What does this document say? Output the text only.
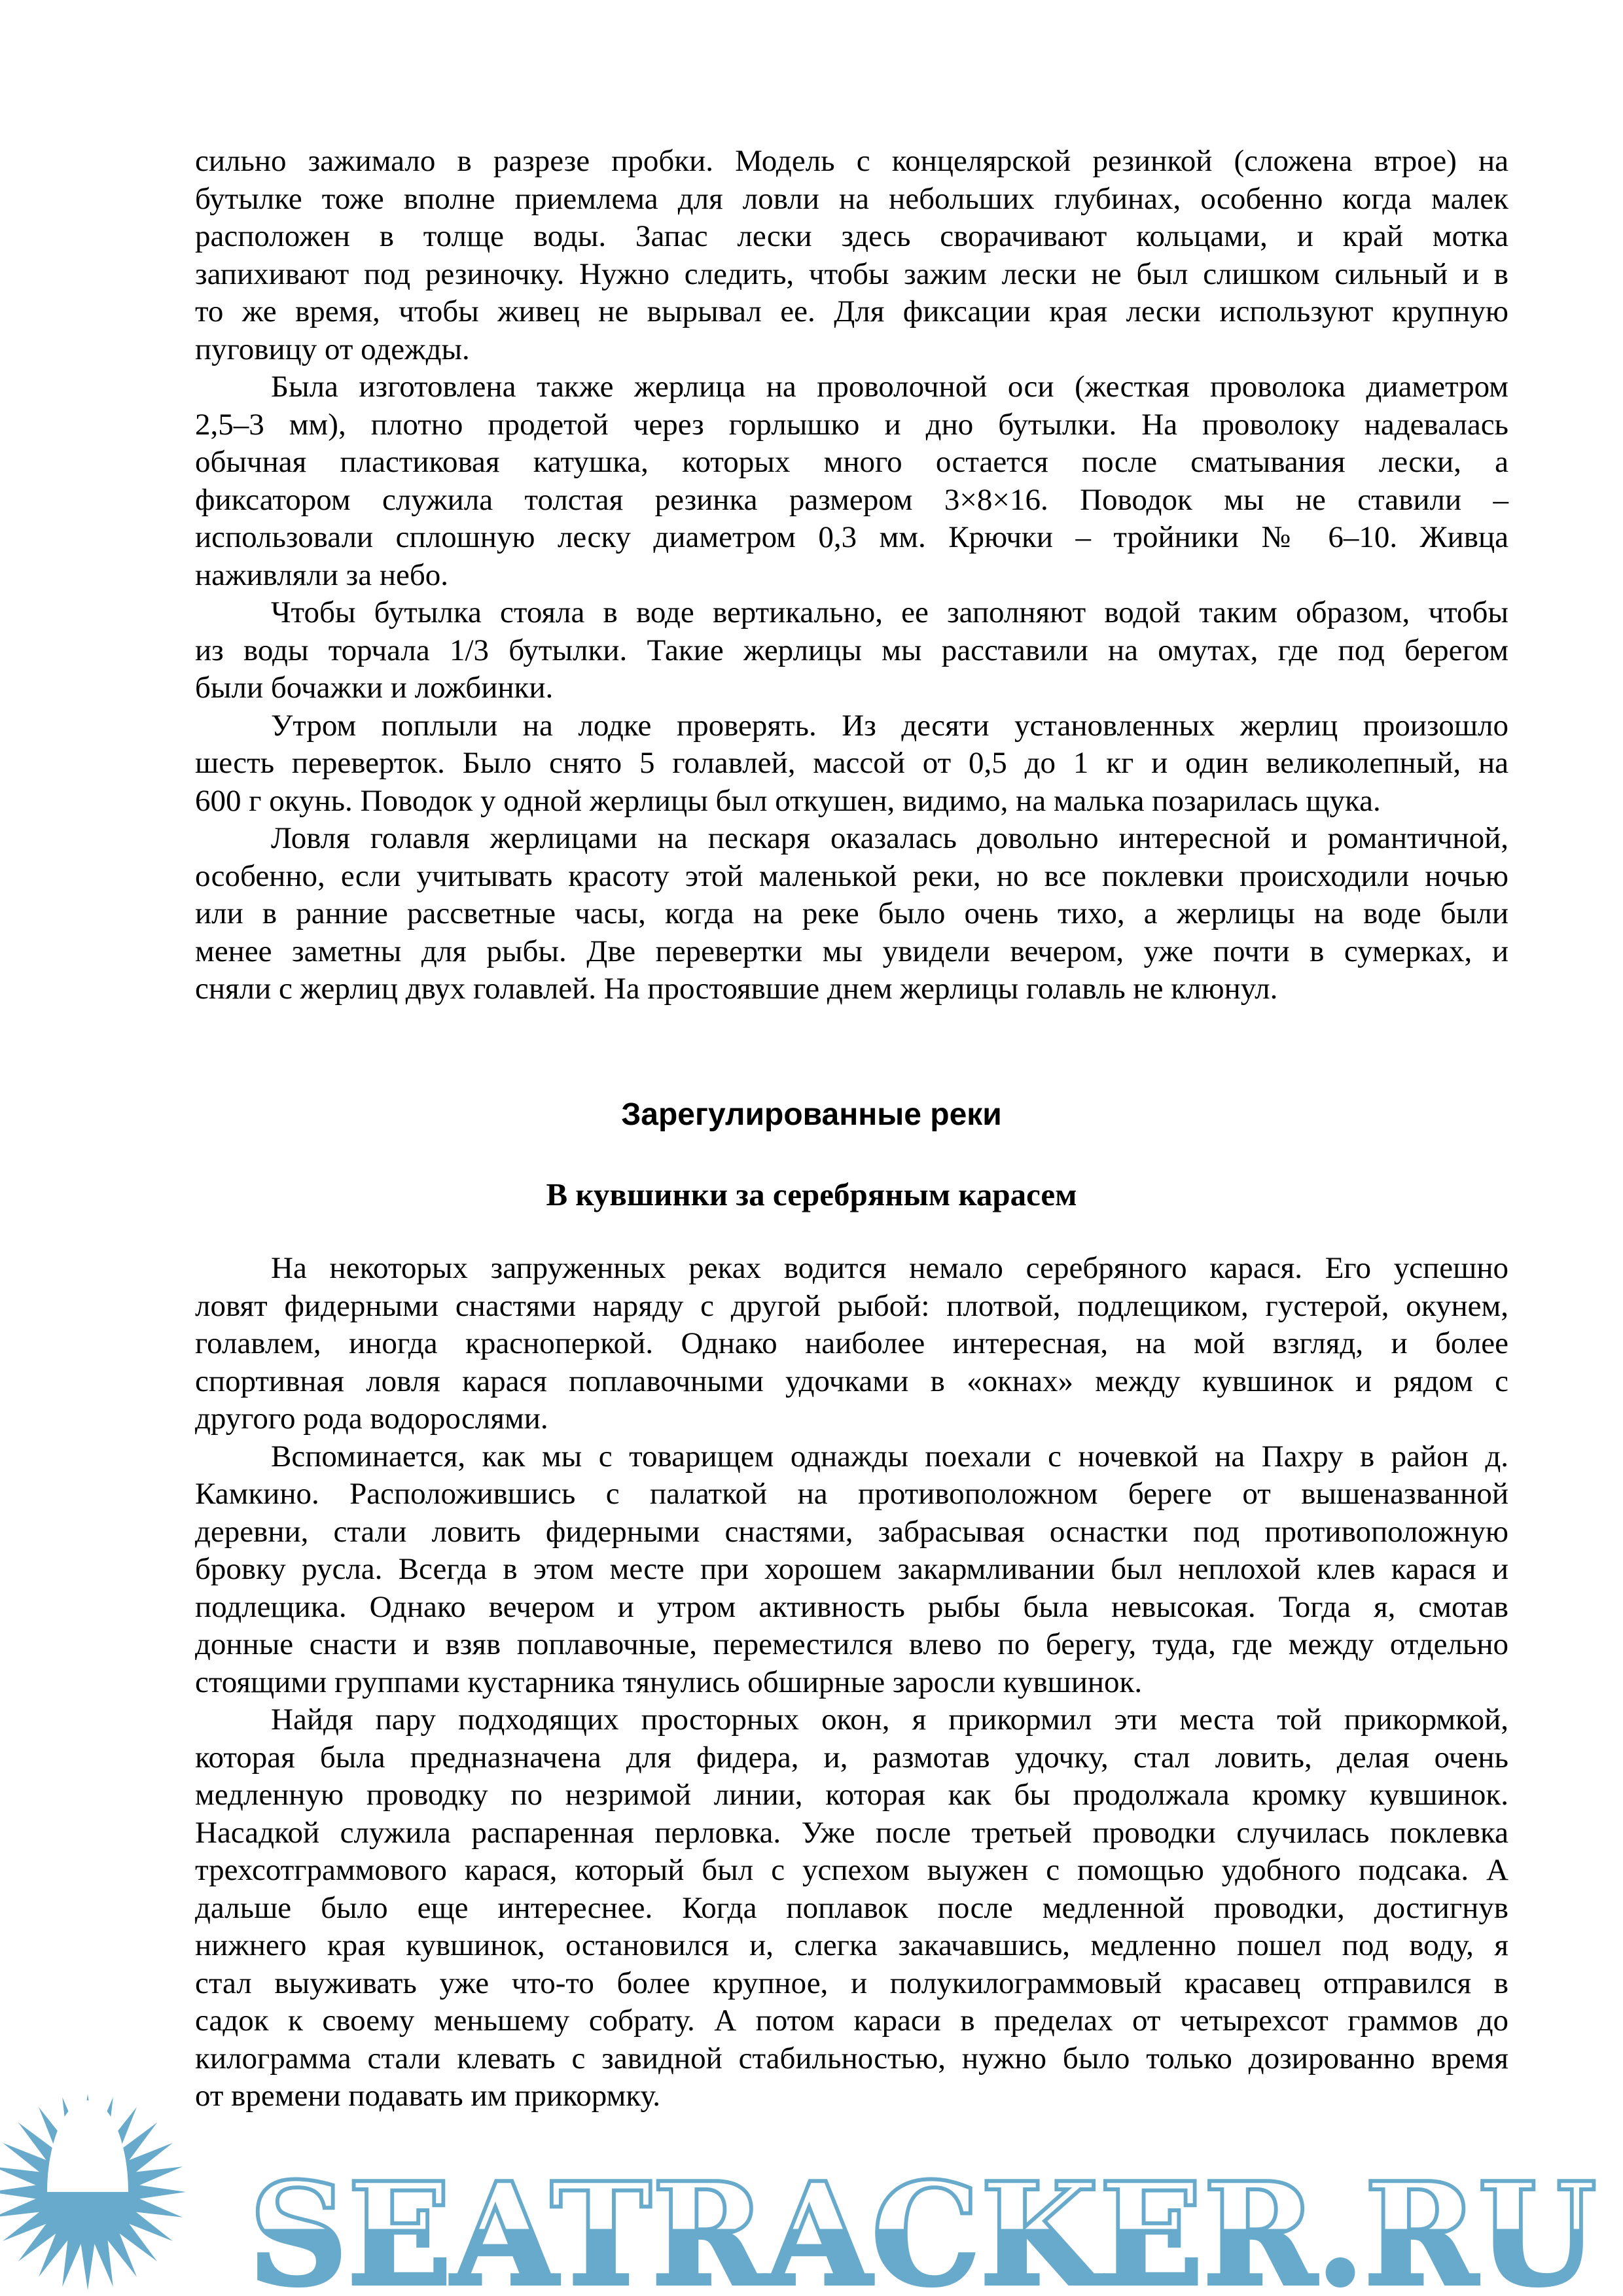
сильно зажимало в разрезе пробки. Модель с концелярской резинкой (сложена втрое) на
бутылке тоже вполне приемлема для ловли на небольших глубинах, особенно когда малек
расположен в толще воды. Запас лески здесь сворачивают кольцами, и край мотка
запихивают под резиночку. Нужно следить, чтобы зажим лески не был слишком сильный и в
то же время, чтобы живец не вырывал ее. Для фиксации края лески используют крупную
пуговицу от одежды.
Была изготовлена также жерлица на проволочной оси (жесткая проволока диаметром
2,5–3 мм), плотно продетой через горлышко и дно бутылки. На проволоку надевалась
обычная пластиковая катушка, которых много остается после сматывания лески, а
фиксатором служила толстая резинка размером 3×8×16. Поводок мы не ставили –
использовали сплошную леску диаметром 0,3 мм. Крючки – тройники № 6–10. Живца
наживляли за небо.
Чтобы бутылка стояла в воде вертикально, ее заполняют водой таким образом, чтобы
из воды торчала 1/3 бутылки. Такие жерлицы мы расставили на омутах, где под берегом
были бочажки и ложбинки.
Утром поплыли на лодке проверять. Из десяти установленных жерлиц произошло
шесть переверток. Было снято 5 голавлей, массой от 0,5 до 1 кг и один великолепный, на
600 г окунь. Поводок у одной жерлицы был откушен, видимо, на малька позарилась щука.
Ловля голавля жерлицами на пескаря оказалась довольно интересной и романтичной,
особенно, если учитывать красоту этой маленькой реки, но все поклевки происходили ночью
или в ранние рассветные часы, когда на реке было очень тихо, а жерлицы на воде были
менее заметны для рыбы. Две перевертки мы увидели вечером, уже почти в сумерках, и
сняли с жерлиц двух голавлей. На простоявшие днем жерлицы голавль не клюнул.
Зарегулированные реки
В кувшинки за серебряным карасем
На некоторых запруженных реках водится немало серебряного карася. Его успешно
ловят фидерными снастями наряду с другой рыбой: плотвой, подлещиком, густерой, окунем,
голавлем, иногда красноперкой. Однако наиболее интересная, на мой взгляд, и более
спортивная ловля карася поплавочными удочками в «окнах» между кувшинок и рядом с
другого рода водорослями.
Вспоминается, как мы с товарищем однажды поехали с ночевкой на Пахру в район д.
Камкино. Расположившись с палаткой на противоположном береге от вышеназванной
деревни, стали ловить фидерными снастями, забрасывая оснастки под противоположную
бровку русла. Всегда в этом месте при хорошем закармливании был неплохой клев карася и
подлещика. Однако вечером и утром активность рыбы была невысокая. Тогда я, смотав
донные снасти и взяв поплавочные, переместился влево по берегу, туда, где между отдельно
стоящими группами кустарника тянулись обширные заросли кувшинок.
Найдя пару подходящих просторных окон, я прикормил эти места той прикормкой,
которая была предназначена для фидера, и, размотав удочку, стал ловить, делая очень
медленную проводку по незримой линии, которая как бы продолжала кромку кувшинок.
Насадкой служила распаренная перловка. Уже после третьей проводки случилась поклевка
трехсотграммового карася, который был с успехом выужен с помощью удобного подсака. А
дальше было еще интереснее. Когда поплавок после медленной проводки, достигнув
нижнего края кувшинок, остановился и, слегка закачавшись, медленно пошел под воду, я
стал выуживать уже что-то более крупное, и полукилограммовый красавец отправился в
садок к своему меньшему собрату. А потом караси в пределах от четырехсот граммов до
килограмма стали клевать с завидной стабильностью, нужно было только дозированно время
от времени подавать им прикормку.
SEATRACKER.RU
